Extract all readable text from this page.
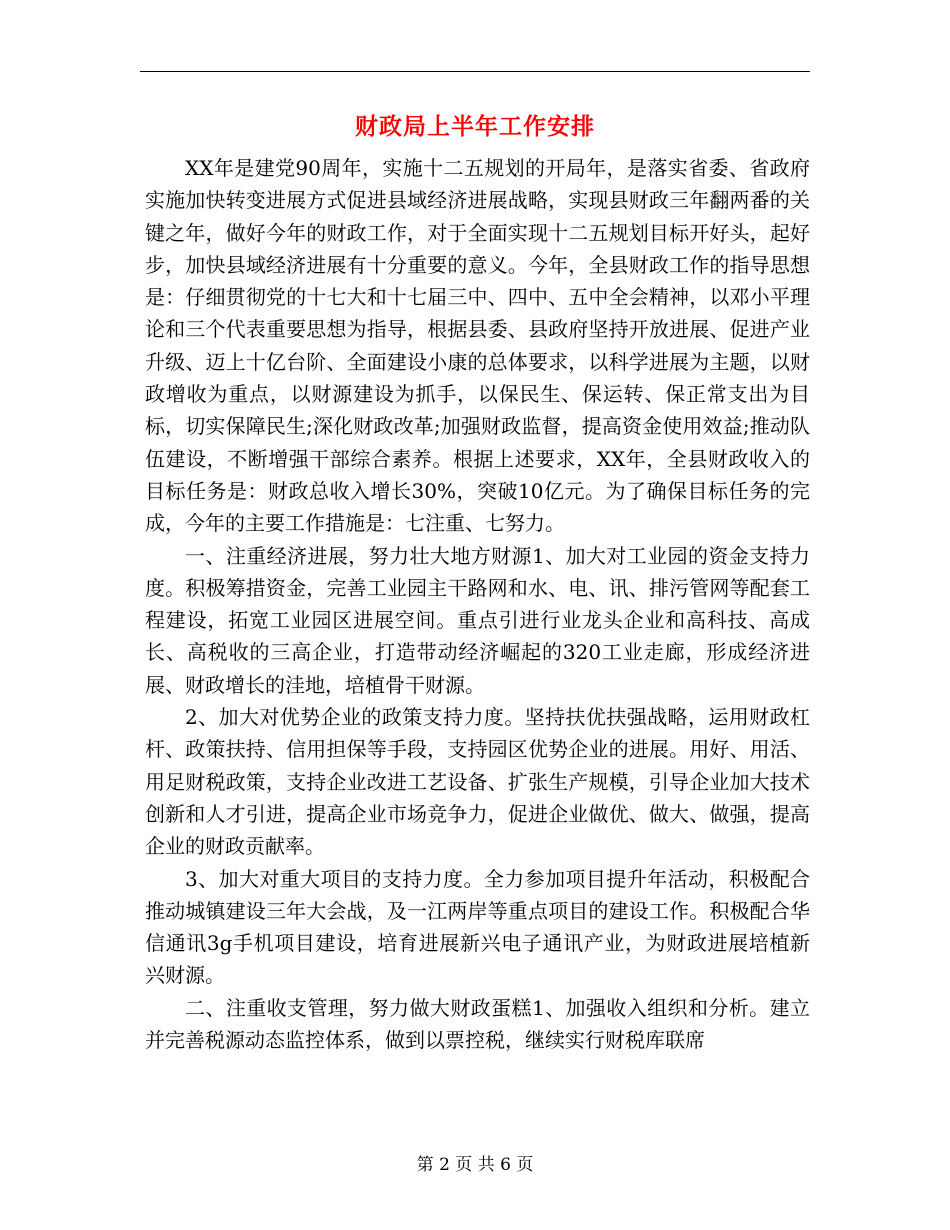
财政局上半年工作安排

XX年是建党90周年，实施十二五规划的开局年，是落实省委、省政府实施加快转变进展方式促进县域经济进展战略，实现县财政三年翻两番的关键之年，做好今年的财政工作，对于全面实现十二五规划目标开好头，起好步，加快县域经济进展有十分重要的意义。今年，全县财政工作的指导思想是：仔细贯彻党的十七大和十七届三中、四中、五中全会精神，以邓小平理论和三个代表重要思想为指导，根据县委、县政府坚持开放进展、促进产业升级、迈上十亿台阶、全面建设小康的总体要求，以科学进展为主题，以财政增收为重点，以财源建设为抓手，以保民生、保运转、保正常支出为目标，切实保障民生;深化财政改革;加强财政监督，提高资金使用效益;推动队伍建设，不断增强干部综合素养。根据上述要求，XX年，全县财政收入的目标任务是：财政总收入增长30%，突破10亿元。为了确保目标任务的完成，今年的主要工作措施是：七注重、七努力。

一、注重经济进展，努力壮大地方财源1、加大对工业园的资金支持力度。积极筹措资金，完善工业园主干路网和水、电、讯、排污管网等配套工程建设，拓宽工业园区进展空间。重点引进行业龙头企业和高科技、高成长、高税收的三高企业，打造带动经济崛起的320工业走廊，形成经济进展、财政增长的洼地，培植骨干财源。

2、加大对优势企业的政策支持力度。坚持扶优扶强战略，运用财政杠杆、政策扶持、信用担保等手段，支持园区优势企业的进展。用好、用活、用足财税政策，支持企业改进工艺设备、扩张生产规模，引导企业加大技术创新和人才引进，提高企业市场竞争力，促进企业做优、做大、做强，提高企业的财政贡献率。

3、加大对重大项目的支持力度。全力参加项目提升年活动，积极配合推动城镇建设三年大会战，及一江两岸等重点项目的建设工作。积极配合华信通讯3g手机项目建设，培育进展新兴电子通讯产业，为财政进展培植新兴财源。

二、注重收支管理，努力做大财政蛋糕1、加强收入组织和分析。建立并完善税源动态监控体系，做到以票控税，继续实行财税库联席

第 2 页 共 6 页
